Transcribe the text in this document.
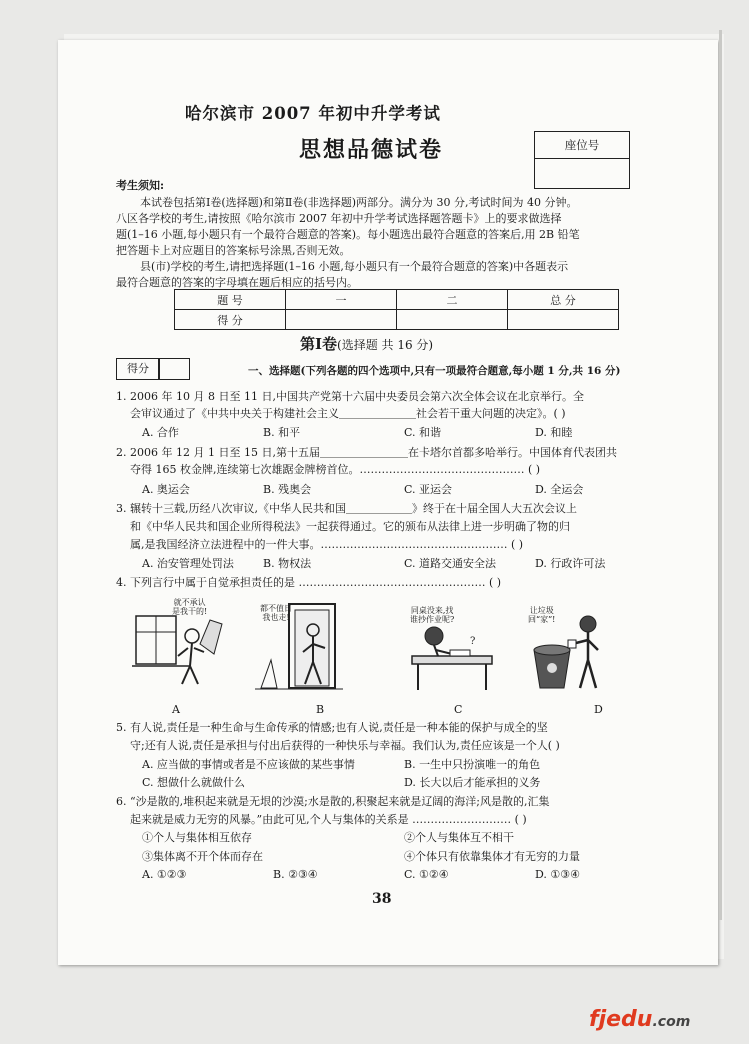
哈尔滨市 2007 年初中升学考试
思想品德试卷	座位号
考生须知:
本试卷包括第Ⅰ卷(选择题)和第Ⅱ卷(非选择题)两部分。满分为 30 分,考试时间为 40 分钟。
八区各学校的考生,请按照《哈尔滨市 2007 年初中升学考试选择题答题卡》上的要求做选择
题(1–16 小题,每小题只有一个最符合题意的答案)。每小题选出最符合题意的答案后,用 2B 铅笔
把答题卡上对应题目的答案标号涂黑,否则无效。
县(市)学校的考生,请把选择题(1–16 小题,每小题只有一个最符合题意的答案)中各题表示
最符合题意的答案的字母填在题后相应的括号内。
题 号	一	二	总 分
得 分			
第Ⅰ卷(选择题 共 16 分)
得分	一、选择题(下列各题的四个选项中,只有一项最符合题意,每小题 1 分,共 16 分)
1. 2006 年 10 月 8 日至 11 日,中国共产党第十六届中央委员会第六次全体会议在北京举行。全
会审议通过了《中共中央关于构建社会主义＿＿＿＿＿＿＿社会若干重大问题的决定》。( )
A. 合作	B. 和平	C. 和谐	D. 和睦
2. 2006 年 12 月 1 日至 15 日,第十五届＿＿＿＿＿＿＿＿在卡塔尔首都多哈举行。中国体育代表团共
夺得 165 枚金牌,连续第七次雄踞金牌榜首位。……………………………………… ( )
A. 奥运会	B. 残奥会	C. 亚运会	D. 全运会
3. 辗转十三载,历经八次审议,《中华人民共和国＿＿＿＿＿＿》终于在十届全国人大五次会议上
和《中华人民共和国企业所得税法》一起获得通过。它的颁布从法律上进一步明确了物的归
属,是我国经济立法进程中的一件大事。…………………………………………… ( )
A. 治安管理处罚法	B. 物权法	C. 道路交通安全法	D. 行政许可法
4. 下列言行中属于自觉承担责任的是 …………………………………………… ( )
就不承认
是我干的!
A
都不值日
我也走!
B
?
同桌没来,找
谁抄作业呢?
C
让垃圾
回“家”!
D
5. 有人说,责任是一种生命与生命传承的情感;也有人说,责任是一种本能的保护与成全的坚
守;还有人说,责任是承担与付出后获得的一种快乐与幸福。我们认为,责任应该是一个人( )
A. 应当做的事情或者是不应该做的某些事情	B. 一生中只扮演唯一的角色
C. 想做什么就做什么	D. 长大以后才能承担的义务
6. “沙是散的,堆积起来就是无垠的沙漠;水是散的,积聚起来就是辽阔的海洋;风是散的,汇集
起来就是威力无穷的风暴。”由此可见,个人与集体的关系是 ……………………… ( )
①个人与集体相互依存	②个人与集体互不相干
③集体离不开个体而存在	④个体只有依靠集体才有无穷的力量
A. ①②③	B. ②③④	C. ①②④	D. ①③④
38
fjedu.com
